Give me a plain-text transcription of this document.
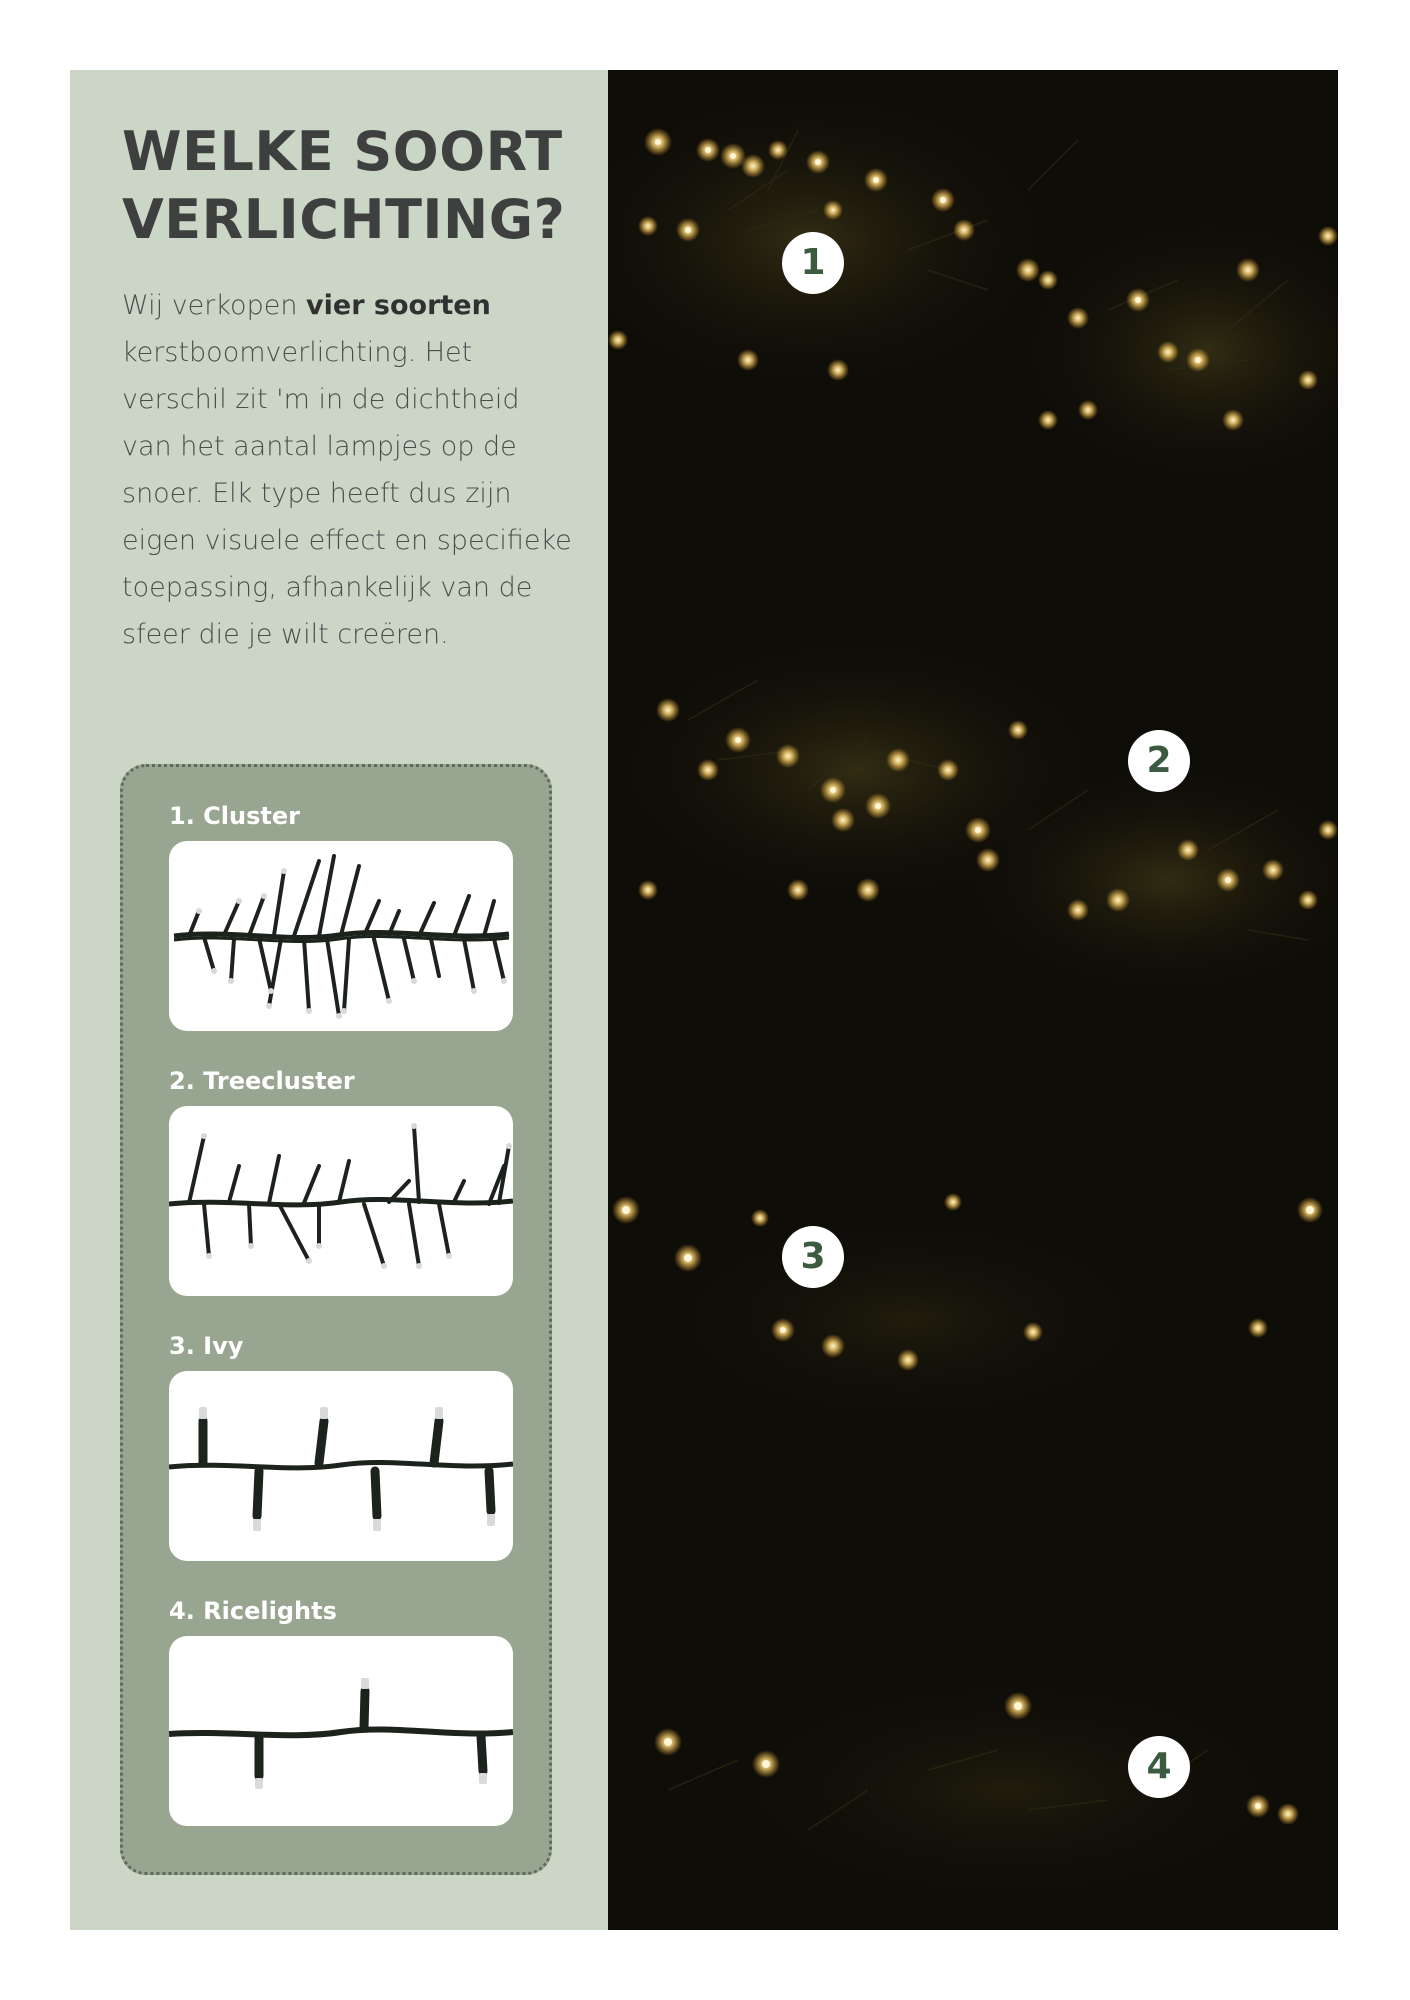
WELKE SOORT
VERLICHTING?

Wij verkopen vier soorten kerstboomverlichting. Het verschil zit 'm in de dichtheid van het aantal lampjes op de snoer. Elk type heeft dus zijn eigen visuele effect en specifieke toepassing, afhankelijk van de sfeer die je wilt creëren.

1. Cluster
2. Treecluster
3. Ivy
4. Ricelights
1
2
3
4
